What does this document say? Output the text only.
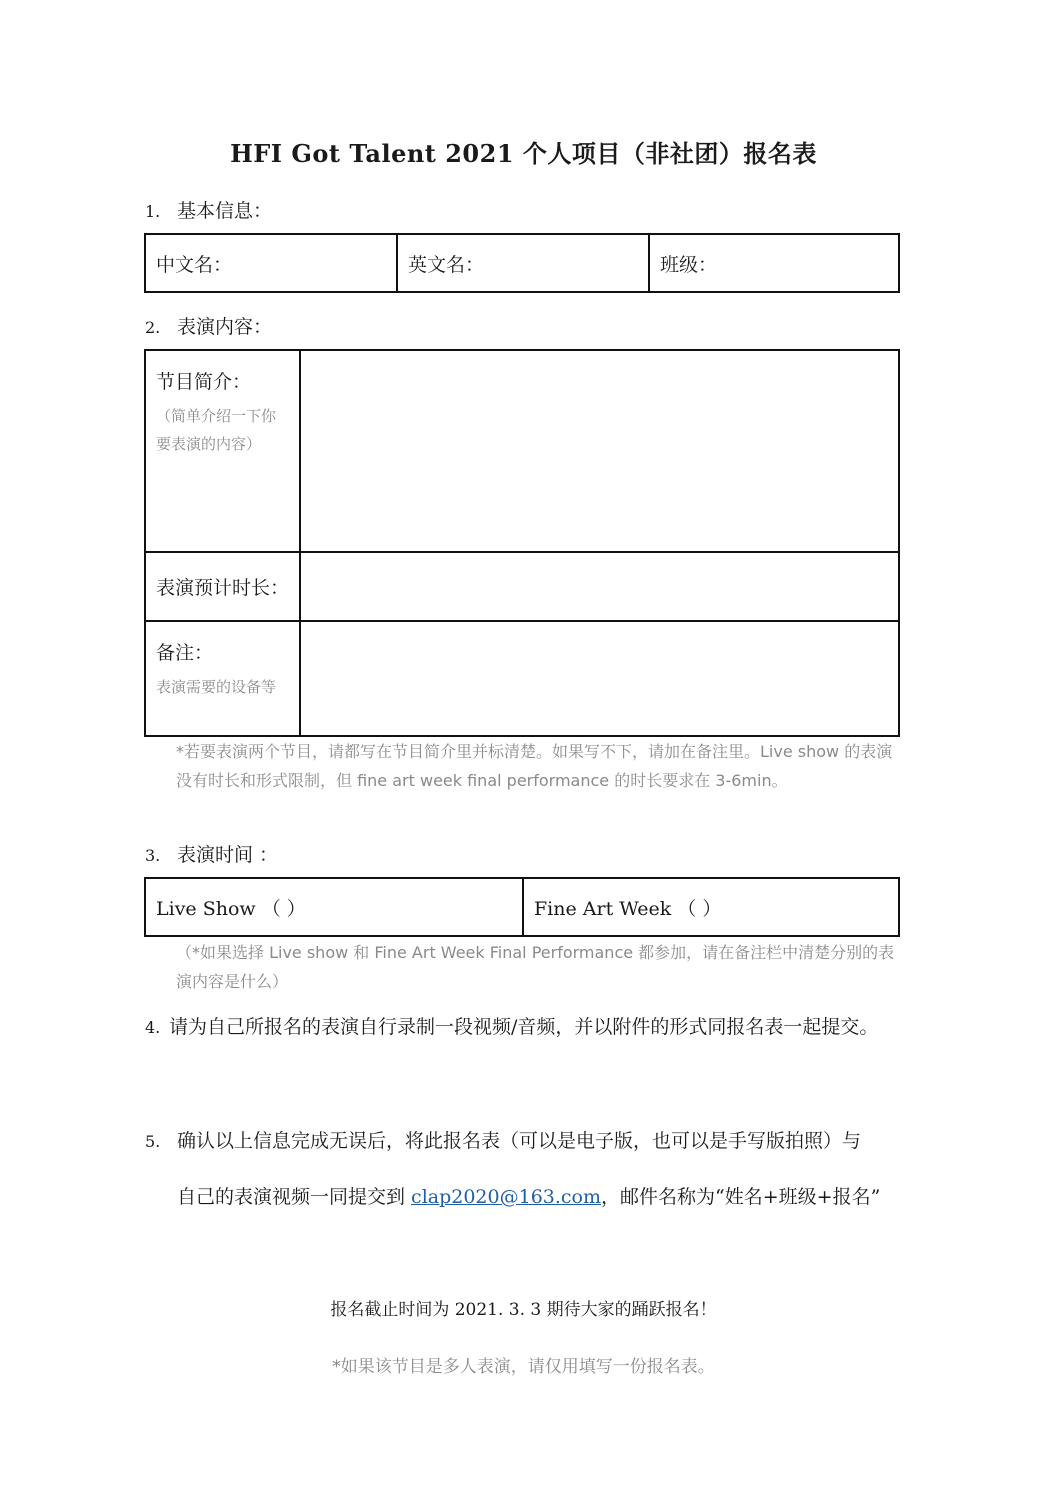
HFI Got Talent 2021 个人项目（非社团）报名表
1. 基本信息：
中文名：	英文名：	班级：
2. 表演内容：
节目简介：
（简单介绍一下你要表演的内容）	

表演预计时长：	
备注：
表演需要的设备等	

*若要表演两个节目，请都写在节目简介里并标清楚。如果写不下，请加在备注里。Live show 的表演没有时长和形式限制，但 fine art week final performance 的时长要求在 3-6min。
3. 表演时间 ：
Live Show （ ）	Fine Art Week （ ）
（*如果选择 Live show 和 Fine Art Week Final Performance 都参加，请在备注栏中清楚分别的表演内容是什么）
4. 请为自己所报名的表演自行录制一段视频/音频，并以附件的形式同报名表一起提交。
5. 确认以上信息完成无误后，将此报名表（可以是电子版，也可以是手写版拍照）与
自己的表演视频一同提交到 clap2020@163.com，邮件名称为“姓名+班级+报名”
报名截止时间为 2021. 3. 3 期待大家的踊跃报名！
*如果该节目是多人表演，请仅用填写一份报名表。
